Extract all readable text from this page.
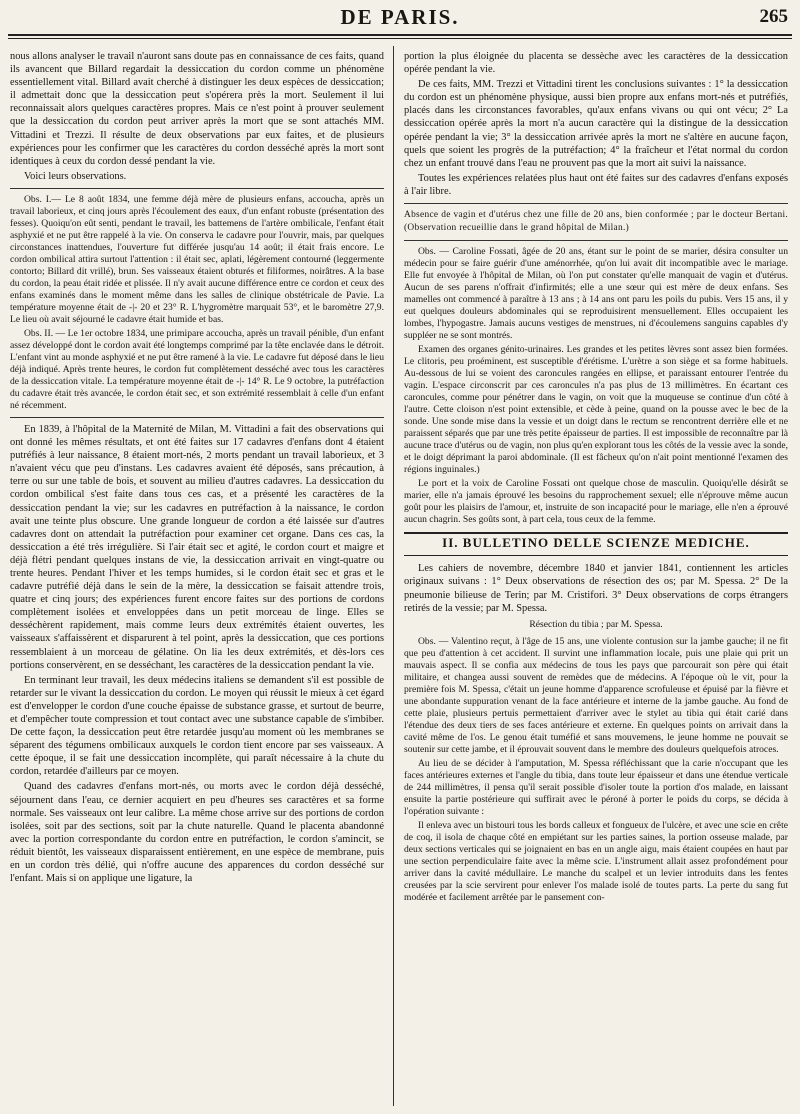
DE PARIS.	265

nous allons analyser le travail n'auront sans doute pas en connaissance de ces faits, quand ils avancent que Billard regardait la dessiccation du cordon comme un phénomène essentiellement vital. Billard avait cherché à distinguer les deux espèces de dessiccation; il admettait donc que la dessiccation peut s'opérera près la mort. Seulement il lui reconnaissait alors quelques caractères propres. Mais ce n'est point à prouver seulement que la dessiccation du cordon peut arriver après la mort que se sont attachés MM. Vittadini et Trezzi. Il résulte de deux observations par eux faites, et de plusieurs expériences pour les confirmer que les caractères du cordon desséché après la mort sont identiques à ceux du cordon dessé pendant la vie.

Voici leurs observations.

Obs. I.— Le 8 août 1834, une femme déjà mère de plusieurs enfans, accoucha, après un travail laborieux, et cinq jours après l'écoulement des eaux, d'un enfant robuste (présentation des fesses). Quoiqu'on eût senti, pendant le travail, les battemens de l'artère ombilicale, l'enfant était asphyxié et ne put être rappelé à la vie. On conserva le cadavre pour l'ouvrir, mais, par quelques circonstances inattendues, l'ouverture fut différée jusqu'au 14 août; il était frais encore. Le cordon ombilical attira surtout l'attention : il était sec, aplati, légèrement contourné (leggermente contorto; Billard dit vrillé), brun. Ses vaisseaux étaient obturés et filiformes, noirâtres. A la base du cordon, la peau était ridée et plissée. Il n'y avait aucune différence entre ce cordon et ceux des enfans examinés dans le moment même dans les salles de clinique obstétricale de Pavie. La température moyenne était de -|- 20 et 23° R. L'hygromètre marquait 53°, et le baromètre 27,9. Le lieu où avait séjourné le cadavre était humide et bas.

Obs. II. — Le 1er octobre 1834, une primipare accoucha, après un travail pénible, d'un enfant assez développé dont le cordon avait été longtemps comprimé par la tête enclavée dans le détroit. L'enfant vint au monde asphyxié et ne put être ramené à la vie. Le cadavre fut déposé dans le lieu déjà indiqué. Après trente heures, le cordon fut complètement desséché avec tous les caractères de la dessiccation vitale. La température moyenne était de -|- 14° R. Le 9 octobre, la putréfaction du cadavre était très avancée, le cordon était sec, et son extrémité ressemblait à celle d'un enfant né récemment.

En 1839, à l'hôpital de la Maternité de Milan, M. Vittadini a fait des observations qui ont donné les mêmes résultats, et ont été faites sur 17 cadavres d'enfans dont 4 étaient putréfiés à leur naissance, 8 étaient mort-nés, 2 morts pendant un travail laborieux, et 3 n'avaient vécu que peu d'instans. Les cadavres avaient été déposés, sans précaution, à terre ou sur une table de bois, et souvent au milieu d'autres cadavres. La dessiccation du cordon ombilical s'est faite dans tous ces cas, et a présenté les caractères de la dessiccation pendant la vie; sur les cadavres en putréfaction à la naissance, le cordon avait une teinte plus obscure. Une grande longueur de cordon a été laissée sur d'autres cadavres dont on attendait la putréfaction pour examiner cet organe. Dans ces cas, la dessiccation a été très irrégulière. Si l'air était sec et agité, le cordon court et maigre et déjà flétri pendant quelques instans de vie, la dessiccation arrivait en vingt-quatre ou trente heures. Pendant l'hiver et les temps humides, si le cordon était sec et gras et le cadavre putréfié déjà dans le sein de la mère, la dessiccation se faisait attendre trois, quatre et cinq jours; des expériences furent encore faites sur des portions de cordons complètement isolées et enveloppées dans un petit morceau de linge. Elles se desséchèrent rapidement, mais comme leurs deux extrémités étaient ouvertes, les vaisseaux s'affaissèrent et disparurent à tel point, après la dessiccation, que ces portions ressemblaient à un morceau de gélatine. On lia les deux extrémités, et dès-lors ces portions conservèrent, en se desséchant, les caractères de la dessiccation pendant la vie.

En terminant leur travail, les deux médecins italiens se demandent s'il est possible de retarder sur le vivant la dessiccation du cordon. Le moyen qui réussit le mieux à cet égard est d'envelopper le cordon d'une couche épaisse de substance grasse, et surtout de beurre, et d'empêcher toute compression et tout contact avec une substance capable de s'imbiber. De cette façon, la dessiccation peut être retardée jusqu'au moment où les membranes se séparent des tégumens ombilicaux auxquels le cordon tient encore par ses vaisseaux. A cette époque, il se fait une dessiccation incomplète, qui paraît nécessaire à la chute du cordon, retardée d'ailleurs par ce moyen.

Quand des cadavres d'enfans mort-nés, ou morts avec le cordon déjà desséché, séjournent dans l'eau, ce dernier acquiert en peu d'heures ses caractères et sa forme normale. Ses vaisseaux ont leur calibre. La même chose arrive sur des portions de cordon isolées, soit par des sections, soit par la chute naturelle. Quand le placenta abandonné avec la portion correspondante du cordon entre en putréfaction, le cordon s'amincit, se réduit bientôt, les vaisseaux disparaissent entièrement, en une espèce de membrane, puis en un cordon très délié, qui n'offre aucune des apparences du cordon desséché sur l'enfant. Mais si on applique une ligature, la

portion la plus éloignée du placenta se dessèche avec les caractères de la dessiccation opérée pendant la vie.

De ces faits, MM. Trezzi et Vittadini tirent les conclusions suivantes : 1° la dessiccation du cordon est un phénomène physique, aussi bien propre aux enfans mort-nés et putréfiés, placés dans les circonstances favorables, qu'aux enfans vivans ou qui ont vécu; 2° La dessiccation opérée après la mort n'a aucun caractère qui la distingue de la dessiccation opérée pendant la vie; 3° la dessiccation arrivée après la mort ne s'altère en aucune façon, quels que soient les progrès de la putréfaction; 4° la fraîcheur et l'état normal du cordon chez un enfant trouvé dans l'eau ne prouvent pas que la mort ait suivi la naissance.

Toutes les expériences relatées plus haut ont été faites sur des cadavres d'enfans exposés à l'air libre.

Absence de vagin et d'utérus chez une fille de 20 ans, bien conformée ; par le docteur Bertani. (Observation recueillie dans le grand hôpital de Milan.)

Obs. — Caroline Fossati, âgée de 20 ans, étant sur le point de se marier, désira consulter un médecin pour se faire guérir d'une aménorrhée, qu'on lui avait dit incompatible avec le mariage. Elle fut envoyée à l'hôpital de Milan, où l'on put constater qu'elle manquait de vagin et d'utérus. Aucun de ses parens n'offrait d'infirmités; elle a une sœur qui est mère de deux enfans. Ses mamelles ont commencé à paraître à 13 ans ; à 14 ans ont paru les poils du pubis. Vers 15 ans, il y eut quelques douleurs abdominales qui se reproduisirent mensuellement. Elles occupaient les lombes, l'hypogastre. Jamais aucuns vestiges de menstrues, ni d'écoulemens sanguins capables d'y suppléer ne se sont montrés.

Examen des organes génito-urinaires. Les grandes et les petites lèvres sont assez bien formées. Le clitoris, peu proéminent, est susceptible d'érétisme. L'urètre a son siège et sa forme habituels. Au-dessous de lui se voient des caroncules rangées en ellipse, et paraissant entourer l'entrée du vagin. L'espace circonscrit par ces caroncules n'a pas plus de 13 millimètres. En écartant ces caroncules, comme pour pénétrer dans le vagin, on voit que la muqueuse se continue d'un côté à l'autre. Cette cloison n'est point extensible, et cède à peine, quand on la pousse avec le bec de la sonde. Une sonde mise dans la vessie et un doigt dans le rectum se rencontrent derrière elle et ne paraissent séparés que par une très petite épaisseur de parties. Il est impossible de reconnaître par là aucune trace d'utérus ou de vagin, non plus qu'en explorant tous les côtés de la vessie avec la sonde, et le doigt déprimant la paroi abdominale. (Il est fâcheux qu'on n'ait point mentionné l'examen des régions inguinales.)

Le port et la voix de Caroline Fossati ont quelque chose de masculin. Quoiqu'elle désirât se marier, elle n'a jamais éprouvé les besoins du rapprochement sexuel; elle n'éprouve même aucun goût pour les plaisirs de l'amour, et, instruite de son incapacité pour le mariage, elle n'en a éprouvé aucun chagrin. Ses goûts sont, à part cela, tous ceux de la femme.

II. BULLETINO DELLE SCIENZE MEDICHE.

Les cahiers de novembre, décembre 1840 et janvier 1841, contiennent les articles originaux suivans : 1° Deux observations de résection des os; par M. Spessa. 2° De la pneumonie bilieuse de Terin; par M. Cristifori. 3° Deux observations de corps étrangers retirés de la vessie; par M. Spessa.

Résection du tibia ; par M. Spessa.

Obs. — Valentino reçut, à l'âge de 15 ans, une violente contusion sur la jambe gauche; il ne fit que peu d'attention à cet accident. Il survint une inflammation locale, puis une plaie qui prit un mauvais aspect. Il se confia aux médecins de tous les pays que parcourait son père qui était militaire, et changea aussi souvent de remèdes que de médecins. A l'époque où le vit, pour la première fois M. Spessa, c'était un jeune homme d'apparence scrofuleuse et épuisé par la fièvre et une abondante suppuration venant de la face antérieure et interne de la jambe gauche. Au fond de cette plaie, plusieurs pertuis permettaient d'arriver avec le stylet au tibia qui était carié dans l'étendue des deux tiers de ses faces antérieure et externe. En quelques points on arrivait dans la cavité même de l'os. Le genou était tuméfié et sans mouvemens, le jeune homme ne pouvait se soutenir sur cette jambe, et il éprouvait souvent dans le membre des douleurs quelquefois atroces.

Au lieu de se décider à l'amputation, M. Spessa réfléchissant que la carie n'occupant que les faces antérieures externes et l'angle du tibia, dans toute leur épaisseur et dans une étendue verticale de 244 millimètres, il pensa qu'il serait possible d'isoler toute la portion d'os malade, en laissant ensuite la partie postérieure qui suffirait avec le péroné à porter le poids du corps, se décida à l'opération suivante :

Il enleva avec un bistouri tous les bords calleux et fongueux de l'ulcère, et avec une scie en crête de coq, il isola de chaque côté en empiétant sur les parties saines, la portion osseuse malade, par deux sections verticales qui se joignaient en bas en un angle aigu, mais étaient coupées en haut par une section perpendiculaire faite avec la même scie. L'instrument allait assez profondément pour arriver dans la cavité médullaire. Le manche du scalpel et un levier introduits dans les fentes creusées par la scie servirent pour enlever l'os malade isolé de toutes parts. La perte du sang fut modérée et facilement arrêtée par le pansement con-
